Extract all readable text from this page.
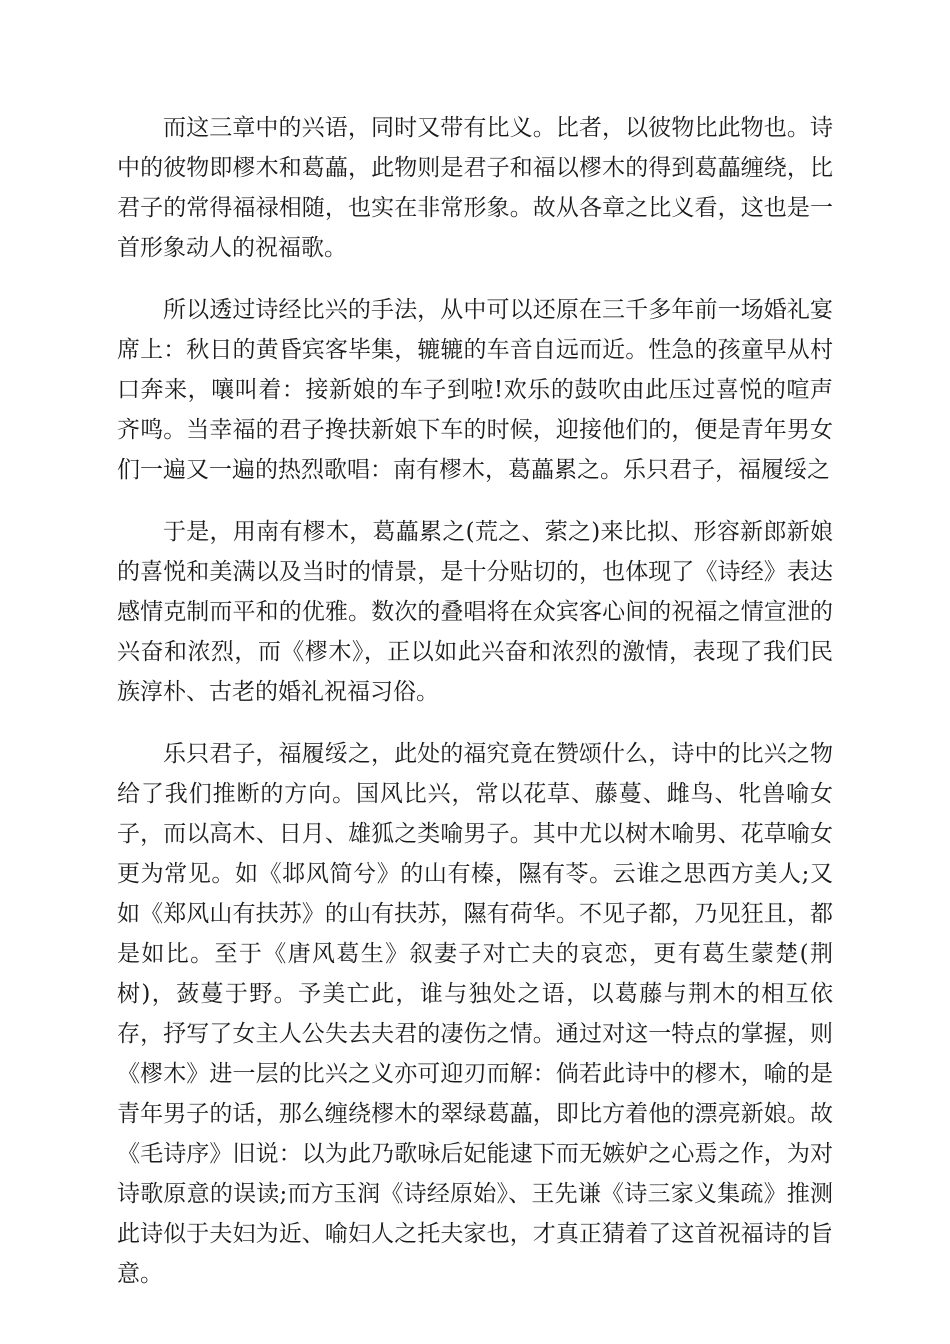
而这三章中的兴语，同时又带有比义。比者，以彼物比此物也。诗中的彼物即樛木和葛藟，此物则是君子和福以樛木的得到葛藟缠绕，比君子的常得福禄相随，也实在非常形象。故从各章之比义看，这也是一首形象动人的祝福歌。

所以透过诗经比兴的手法，从中可以还原在三千多年前一场婚礼宴席上：秋日的黄昏宾客毕集，辘辘的车音自远而近。性急的孩童早从村口奔来，嚷叫着：接新娘的车子到啦!欢乐的鼓吹由此压过喜悦的喧声齐鸣。当幸福的君子搀扶新娘下车的时候，迎接他们的，便是青年男女们一遍又一遍的热烈歌唱：南有樛木，葛藟累之。乐只君子，福履绥之

于是，用南有樛木，葛藟累之(荒之、萦之)来比拟、形容新郎新娘的喜悦和美满以及当时的情景，是十分贴切的，也体现了《诗经》表达感情克制而平和的优雅。数次的叠唱将在众宾客心间的祝福之情宣泄的兴奋和浓烈，而《樛木》，正以如此兴奋和浓烈的激情，表现了我们民族淳朴、古老的婚礼祝福习俗。

乐只君子，福履绥之，此处的福究竟在赞颂什么，诗中的比兴之物给了我们推断的方向。国风比兴，常以花草、藤蔓、雌鸟、牝兽喻女子，而以高木、日月、雄狐之类喻男子。其中尤以树木喻男、花草喻女更为常见。如《邶风简兮》的山有榛，隰有苓。云谁之思西方美人;又如《郑风山有扶苏》的山有扶苏，隰有荷华。不见子都，乃见狂且，都是如比。至于《唐风葛生》叙妻子对亡夫的哀恋，更有葛生蒙楚(荆树)，蔹蔓于野。予美亡此，谁与独处之语，以葛藤与荆木的相互依存，抒写了女主人公失去夫君的凄伤之情。通过对这一特点的掌握，则《樛木》进一层的比兴之义亦可迎刃而解：倘若此诗中的樛木，喻的是青年男子的话，那么缠绕樛木的翠绿葛藟，即比方着他的漂亮新娘。故《毛诗序》旧说：以为此乃歌咏后妃能逮下而无嫉妒之心焉之作，为对诗歌原意的误读;而方玉润《诗经原始》、王先谦《诗三家义集疏》推测此诗似于夫妇为近、喻妇人之托夫家也，才真正猜着了这首祝福诗的旨意。
